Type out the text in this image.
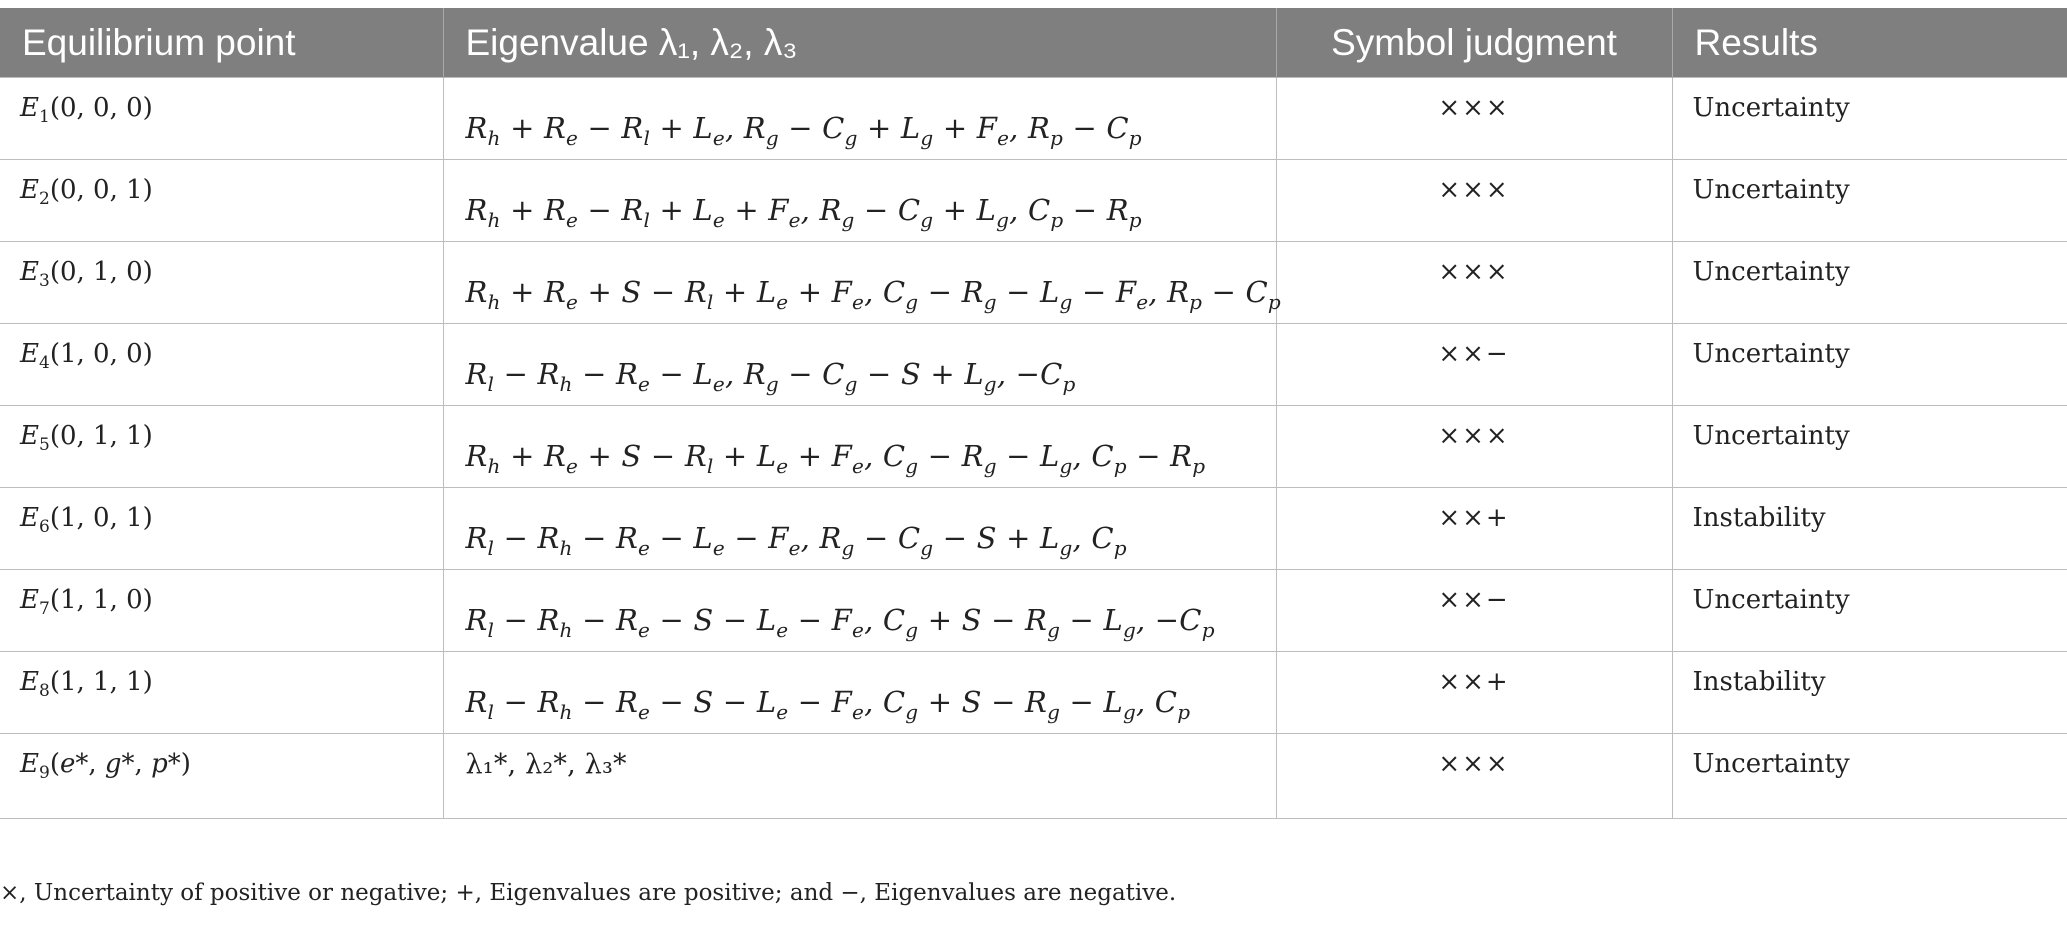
Equilibrium point	Eigenvalue λ₁, λ₂, λ₃	Symbol judgment	Results

$E_1(0$, 0, 0)	$R_h + R_e - R_l + L_e$, $R_g - C_g + L_g + F_e$, $R_p - C_p$	×××	Uncertainty

$E_2(0$, 0, 1)	$R_h + R_e - R_l + L_e + F_e$, $R_g - C_g + L_g$, $C_p - R_p$	×××	Uncertainty

$E_3(0$, 1, 0)	$R_h + R_e + S - R_l + L_e + F_e$, $C_g - R_g - L_g - F_e$, $R_p - C_p$	×××	Uncertainty

$E_4(1$, 0, 0)	$R_l - R_h - R_e - L_e$, $R_g - C_g - S + L_g$, $-C_p$	××−	Uncertainty

$E_5(0$, 1, 1)	$R_h + R_e + S - R_l + L_e + F_e$, $C_g - R_g - L_g$, $C_p - R_p$	×××	Uncertainty

$E_6(1$, 0, 1)	$R_l - R_h - R_e - L_e - F_e$, $R_g - C_g - S + L_g$, $C_p$	××+	Instability

$E_7(1$, 1, 0)	$R_l - R_h - R_e - S - L_e - F_e$, $C_g + S - R_g - L_g$, $-C_p$	××−	Uncertainty

$E_8(1$, 1, 1)	$R_l - R_h - R_e - S - L_e - F_e$, $C_g + S - R_g - L_g$, $C_p$	××+	Instability

$E_9(e*$, g*, p*)	λ₁*, λ₂*, λ₃*	×××	Uncertainty
×, Uncertainty of positive or negative; +, Eigenvalues are positive; and −, Eigenvalues are negative.
